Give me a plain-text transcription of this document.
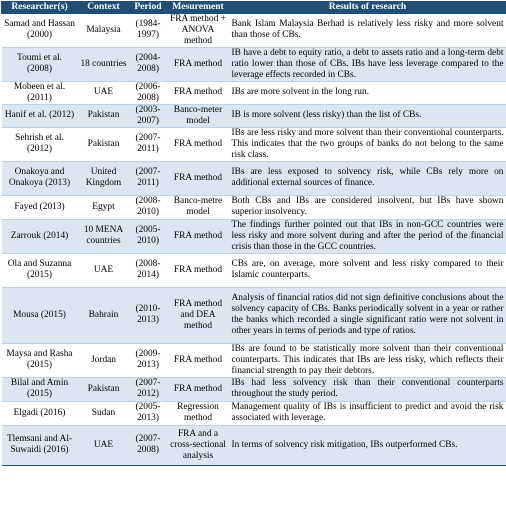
Researcher(s)	Context	Period	Mesurement	Results of research
Samad and Hassan (2000)	Malaysia	(1984-1997)	FRA method + ANOVA method	Bank Islam Malaysia Berhad is relatively less risky and more solvent than those of CBs.
Toumi et al. (2008)	18 countries	(2004-2008)	FRA method	IB have a debt to equity ratio, a debt to assets ratio and a long-term debt ratio lower than those of CBs. IBs have less leverage compared to the leverage effects recorded in CBs.
Mobeen et al. (2011)	UAE	(2006-2008)	FRA method	IBs are more solvent in the long run.
Hanif et al. (2012)	Pakistan	(2003-2007)	Banco-meter model	IB is more solvent (less risky) than the list of CBs.
Sehrish et al. (2012)	Pakistan	(2007-2011)	FRA method	IBs are less risky and more solvent than their conventional counterparts. This indicates that the two groups of banks do not belong to the same risk class.
Onakoya and Onakoya (2013)	United Kingdom	(2007-2011)	FRA method	IBs are less exposed to solvency risk, while CBs rely more on additional external sources of finance.
Fayed (2013)	Egypt	(2008-2010)	Banco-metre model	Both CBs and IBs are considered insolvent, but IBs have shown superior insolvency.
Zarrouk (2014)	10 MENA countries	(2005-2010)	FRA method	The findings further pointed out that IBs in non-GCC countries were less risky and more solvent during and after the period of the financial crisis than those in the GCC countries.
Ola and Suzanna (2015)	UAE	(2008-2014)	FRA method	CBs are, on average, more solvent and less risky compared to their Islamic counterparts.
Mousa (2015)	Bahrain	(2010-2013)	FRA method and DEA method	Analysis of financial ratios did not sign definitive conclusions about the solvency capacity of CBs. Banks periodically solvent in a year or rather the banks which recorded a single significant ratio were not solvent in other years in terms of periods and type of ratios.
Maysa and Rasha (2015)	Jordan	(2009-2013)	FRA method	IBs are found to be statistically more solvent than their conventional counterparts. This indicates that IBs are less risky, which reflects their financial strength to pay their debtors.
Bilal and Amin (2015)	Pakistan	(2007-2012)	FRA method	IBs had less solvency risk than their conventional counterparts throughout the study period.
Elgadi (2016)	Sudan	(2005-2013)	Regression method	Management quality of IBs is insufficient to predict and avoid the risk associated with leverage.
Tlemsani and Al-Suwaidi (2016)	UAE	(2007-2008)	FRA and a cross-sectional analysis	In terms of solvency risk mitigation, IBs outperformed CBs.
